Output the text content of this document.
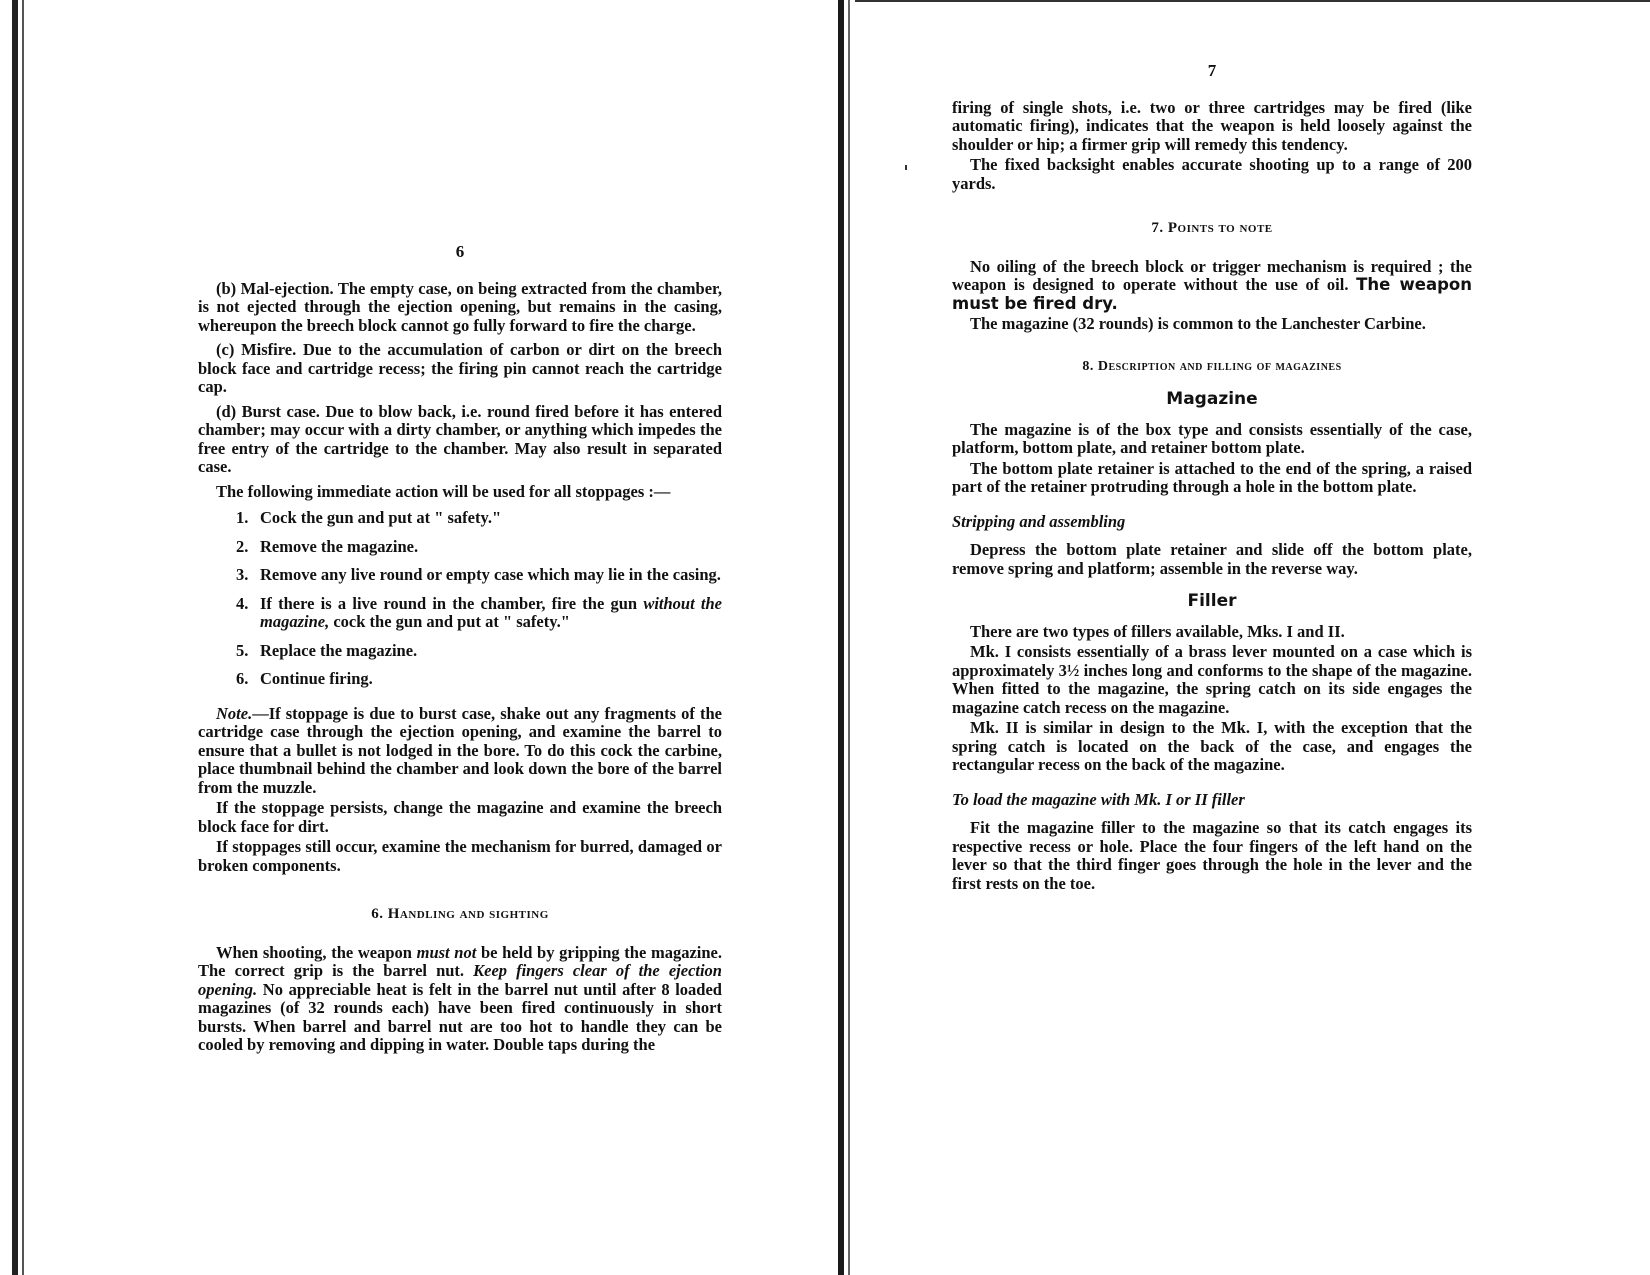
6

(b) Mal-ejection. The empty case, on being extracted from the chamber, is not ejected through the ejection opening, but remains in the casing, whereupon the breech block cannot go fully forward to fire the charge.

(c) Misfire. Due to the accumulation of carbon or dirt on the breech block face and cartridge recess; the firing pin cannot reach the cartridge cap.

(d) Burst case. Due to blow back, i.e. round fired before it has entered chamber; may occur with a dirty chamber, or anything which impedes the free entry of the cartridge to the chamber. May also result in separated case.

The following immediate action will be used for all stoppages :—

1. Cock the gun and put at " safety."
2. Remove the magazine.
3. Remove any live round or empty case which may lie in the casing.
4. If there is a live round in the chamber, fire the gun without the magazine, cock the gun and put at " safety."
5. Replace the magazine.
6. Continue firing.

Note.—If stoppage is due to burst case, shake out any fragments of the cartridge case through the ejection opening, and examine the barrel to ensure that a bullet is not lodged in the bore. To do this cock the carbine, place thumbnail behind the chamber and look down the bore of the barrel from the muzzle.

If the stoppage persists, change the magazine and examine the breech block face for dirt.

If stoppages still occur, examine the mechanism for burred, damaged or broken components.

6. Handling and sighting

When shooting, the weapon must not be held by gripping the magazine. The correct grip is the barrel nut. Keep fingers clear of the ejection opening. No appreciable heat is felt in the barrel nut until after 8 loaded magazines (of 32 rounds each) have been fired continuously in short bursts. When barrel and barrel nut are too hot to handle they can be cooled by removing and dipping in water. Double taps during the

7

firing of single shots, i.e. two or three cartridges may be fired (like automatic firing), indicates that the weapon is held loosely against the shoulder or hip; a firmer grip will remedy this tendency.

The fixed backsight enables accurate shooting up to a range of 200 yards.

7. Points to note

No oiling of the breech block or trigger mechanism is required ; the weapon is designed to operate without the use of oil. The weapon must be fired dry.

The magazine (32 rounds) is common to the Lanchester Carbine.

8. Description and filling of magazines
Magazine

The magazine is of the box type and consists essentially of the case, platform, bottom plate, and retainer bottom plate.

The bottom plate retainer is attached to the end of the spring, a raised part of the retainer protruding through a hole in the bottom plate.

Stripping and assembling

Depress the bottom plate retainer and slide off the bottom plate, remove spring and platform; assemble in the reverse way.

Filler

There are two types of fillers available, Mks. I and II.

Mk. I consists essentially of a brass lever mounted on a case which is approximately 3½ inches long and conforms to the shape of the magazine. When fitted to the magazine, the spring catch on its side engages the magazine catch recess on the magazine.

Mk. II is similar in design to the Mk. I, with the exception that the spring catch is located on the back of the case, and engages the rectangular recess on the back of the magazine.

To load the magazine with Mk. I or II filler

Fit the magazine filler to the magazine so that its catch engages its respective recess or hole. Place the four fingers of the left hand on the lever so that the third finger goes through the hole in the lever and the first rests on the toe.
